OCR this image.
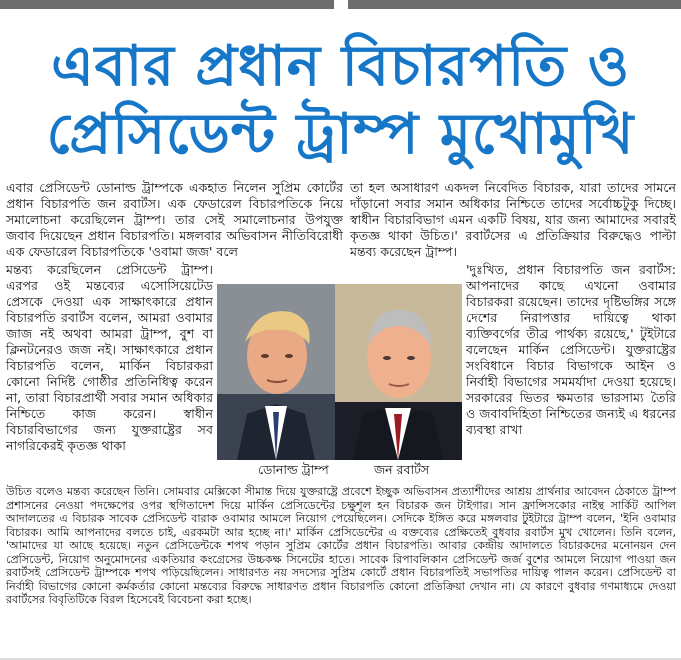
এবার প্রধান বিচারপতি ও
প্রেসিডেন্ট ট্রাম্প মুখোমুখি

এবার প্রেসিডেন্ট ডোনাল্ড ট্রাম্পকে একহাত নিলেন সুপ্রিম কোর্টের প্রধান বিচারপতি জন রবার্টস। এক ফেডারেল বিচারপতিকে নিয়ে সমালোচনা করেছিলেন ট্রাম্প। তার সেই সমালোচনার উপযুক্ত জবাব দিয়েছেন প্রধান বিচারপতি। মঙ্গলবার অভিবাসন নীতিবিরোধী এক ফেডারেল বিচারপতিকে 'ওবামা জজ' বলে

মন্তব্য করেছিলেন প্রেসিডেন্ট ট্রাম্প। এরপর ওই মন্তব্যের এসোসিয়েটেড প্রেসকে দেওয়া এক সাক্ষাৎকারে প্রধান বিচারপতি রবার্টস বলেন, আমরা ওবামার জাজ নই অথবা আমরা ট্রাম্প, বুশ বা ক্লিনটনেরও জজ নই। সাক্ষাৎকারে প্রধান বিচারপতি বলেন, মার্কিন বিচারকরা কোনো নির্দিষ্ট গোষ্ঠীর প্রতিনিধিত্ব করেন না, তারা বিচারপ্রার্থী সবার সমান অধিকার নিশ্চিতে কাজ করেন। স্বাধীন বিচারবিভাগের জন্য যুক্তরাষ্ট্রের সব নাগরিকেরই কৃতজ্ঞ থাকা

উচিত বলেও মন্তব্য করেছেন তিনি। সোমবার মেক্সিকো সীমান্ত দিয়ে যুক্তরাষ্ট্রে প্রবেশে ইচ্ছুক অভিবাসন প্রত্যাশীদের আশ্রয় প্রার্থনার আবেদন ঠেকাতে ট্রাম্প প্রশাসনের নেওয়া পদক্ষেপের ওপর স্থগিতাদেশ দিয়ে মার্কিন প্রেসিডেন্টের চক্ষুশূল হন বিচারক জন টাইগার। সান ফ্রান্সিসকোর নাইন্থ সার্কিট আপিল আদালতের এ বিচারক সাবেক প্রেসিডেন্ট বারাক ওবামার আমলে নিয়োগ পেয়েছিলেন। সেদিকে ইঙ্গিত করে মঙ্গলবার টুইটারে ট্রাম্প বলেন, 'ইনি ওবামার বিচারক। আমি আপনাদের বলতে চাই, এরকমটা আর হচ্ছে না।' মার্কিন প্রেসিডেন্টের এ বক্তব্যের প্রেক্ষিতেই বুধবার রবার্টস মুখ খোলেন। তিনি বলেন, 'আমাদের যা আছে হয়েছে। নতুন প্রেসিডেন্টকে শপথ পড়ান সুপ্রিম কোর্টের প্রধান বিচারপতি। আবার কেন্দ্রীয় আদালতে বিচারকদের মনোনয়ন দেন প্রেসিডেন্ট, নিয়োগ অনুমোদনের একতিয়ার কংগ্রেসের উচ্চকক্ষ সিনেটের হাতে। সাবেক রিপাবলিকান প্রেসিডেন্ট জর্জ বুশের আমলে নিয়োগ পাওয়া জন রবার্টসই প্রেসিডেন্ট ট্রাম্পকে শপথ পড়িয়েছিলেন। সাধারণত নয় সদস্যের সুপ্রিম কোর্টে প্রধান বিচারপতিই সভাপতির দায়িত্ব পালন করেন। প্রেসিডেন্ট বা নির্বাহী বিভাগের কোনো কর্মকর্তার কোনো মন্তব্যের বিরুদ্ধে সাধারণত প্রধান বিচারপতি কোনো প্রতিক্রিয়া দেখান না। যে কারণে বুধবার গণমাধ্যমে দেওয়া রবার্টসের বিবৃতিটিকে বিরল হিসেবেই বিবেচনা করা হচ্ছে।

তা হল অসাধারণ একদল নিবেদিত বিচারক, যারা তাদের সামনে দাঁড়ানো সবার সমান অধিকার নিশ্চিতে তাদের সর্বোচ্চটুকু দিচ্ছে। স্বাধীন বিচারবিভাগ এমন একটি বিষয়, যার জন্য আমাদের সবারই কৃতজ্ঞ থাকা উচিত।' রবার্টসের এ প্রতিক্রিয়ার বিরুদ্ধেও পাল্টা মন্তব্য করেছেন ট্রাম্প।

'দুঃখিত, প্রধান বিচারপতি জন রবার্টস: আপনাদের কাছে এখনো ওবামার বিচারকরা রয়েছেন। তাদের দৃষ্টিভঙ্গির সঙ্গে দেশের নিরাপত্তার দায়িত্বে থাকা ব্যক্তিবর্গের তীব্র পার্থক্য রয়েছে,' টুইটারে বলেছেন মার্কিন প্রেসিডেন্ট। যুক্তরাষ্ট্রের সংবিধানে বিচার বিভাগকে আইন ও নির্বাহী বিভাগের সমমর্যাদা দেওয়া হয়েছে। সরকারের ভিতর ক্ষমতার ভারসাম্য তৈরি ও জবাবদিহিতা নিশ্চিতের জন্যই এ ধরনের ব্যবস্থা রাখা

ডোনাল্ড ট্রাম্প	জন রবার্টস
